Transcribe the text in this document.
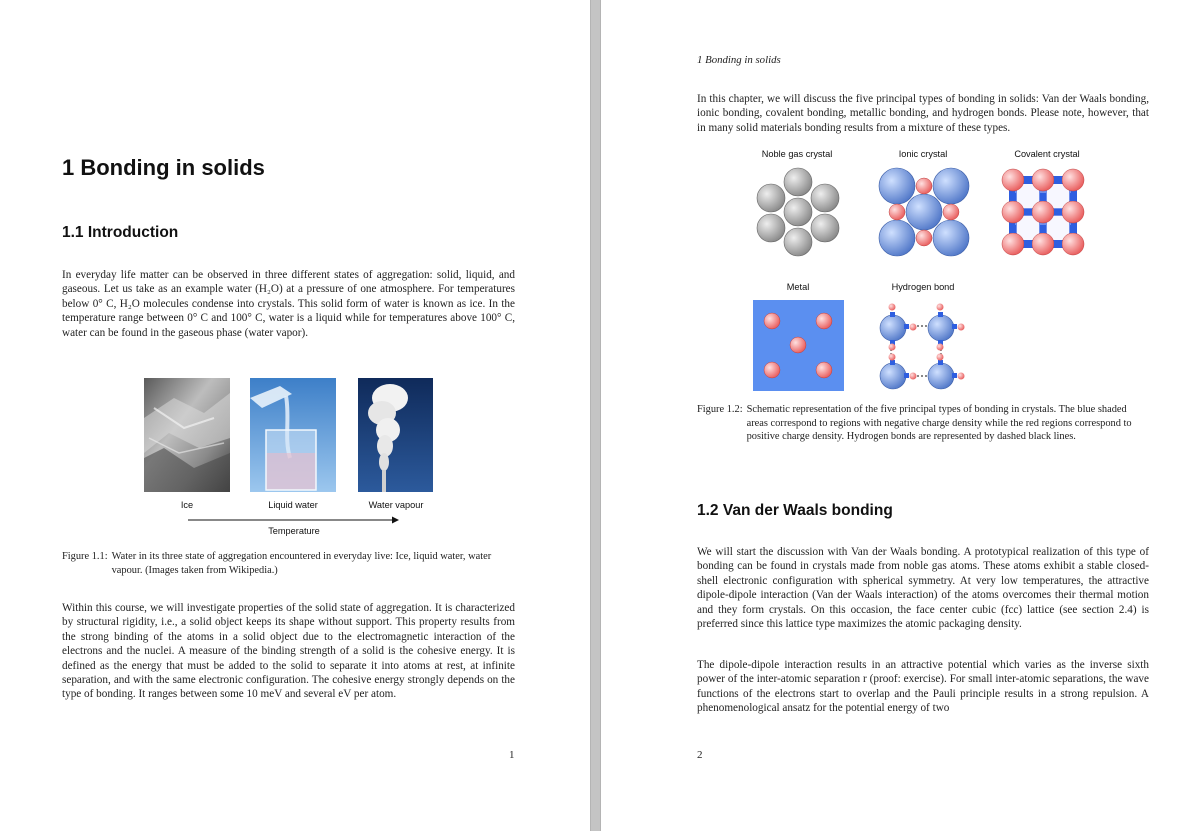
1 Bonding in solids
1.1 Introduction
In everyday life matter can be observed in three different states of aggregation: solid, liquid, and gaseous. Let us take as an example water (H₂O) at a pressure of one atmosphere. For temperatures below 0° C, H₂O molecules condense into crystals. This solid form of water is known as ice. In the temperature range between 0° C and 100° C, water is a liquid while for temperatures above 100° C, water can be found in the gaseous phase (water vapor).
Ice	Liquid water	Water vapour
Temperature
Figure 1.1: Water in its three state of aggregation encountered in everyday live: Ice, liquid water, water vapour. (Images taken from Wikipedia.)
Within this course, we will investigate properties of the solid state of aggregation. It is characterized by structural rigidity, i.e., a solid object keeps its shape without support. This property results from the strong binding of the atoms in a solid object due to the electromagnetic interaction of the electrons and the nuclei. A measure of the binding strength of a solid is the cohesive energy. It is defined as the energy that must be added to the solid to separate it into atoms at rest, at infinite separation, and with the same electronic configuration. The cohesive energy strongly depends on the type of bonding. It ranges between some 10 meV and several eV per atom.
1
1 Bonding in solids
In this chapter, we will discuss the five principal types of bonding in solids: Van der Waals bonding, ionic bonding, covalent bonding, metallic bonding, and hydrogen bonds. Please note, however, that in many solid materials bonding results from a mixture of these types.
Noble gas crystal	Ionic crystal	Covalent crystal
Metal	Hydrogen bond
Figure 1.2: Schematic representation of the five principal types of bonding in crystals. The blue shaded areas correspond to regions with negative charge density while the red regions correspond to positive charge density. Hydrogen bonds are represented by dashed black lines.
1.2 Van der Waals bonding
We will start the discussion with Van der Waals bonding. A prototypical realization of this type of bonding can be found in crystals made from noble gas atoms. These atoms exhibit a stable closed-shell electronic configuration with spherical symmetry. At very low temperatures, the attractive dipole-dipole interaction (Van der Waals interaction) of the atoms overcomes their thermal motion and they form crystals. On this occasion, the face center cubic (fcc) lattice (see section 2.4) is preferred since this lattice type maximizes the atomic packaging density.
The dipole-dipole interaction results in an attractive potential which varies as the inverse sixth power of the inter-atomic separation r (proof: exercise). For small inter-atomic separations, the wave functions of the electrons start to overlap and the Pauli principle results in a strong repulsion. A phenomenological ansatz for the potential energy of two
2
